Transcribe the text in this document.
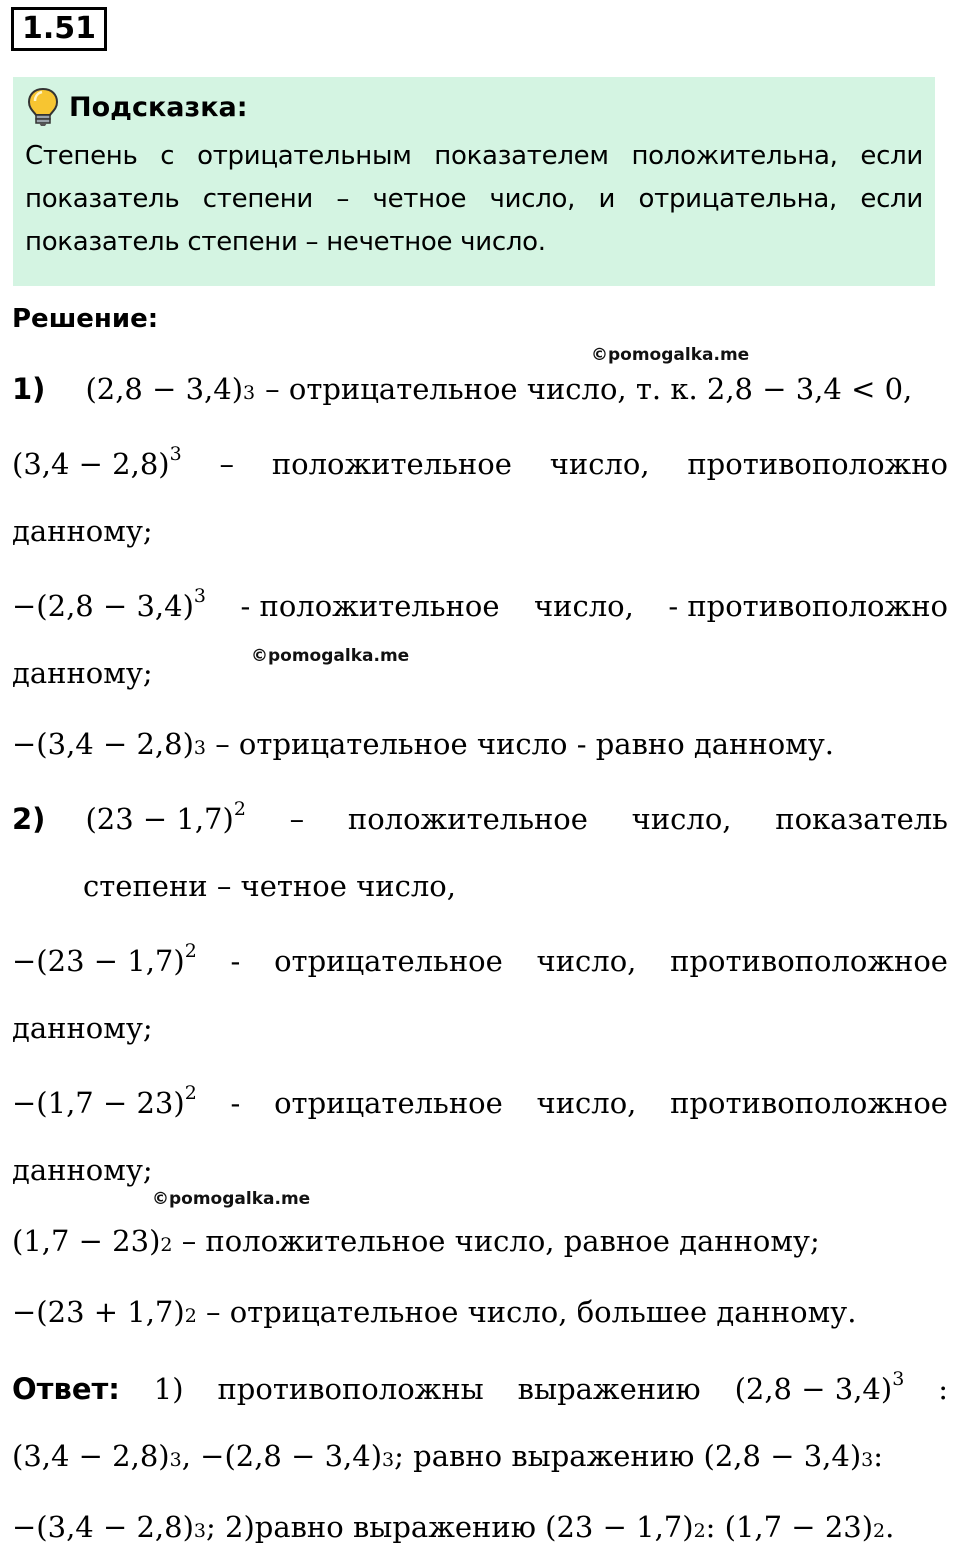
1.51
Подсказка:
Степень с отрицательным показателем положительна, если показатель степени – четное число, и отрицательна, если показатель степени – нечетное число.
Решение:
©pomogalka.me
©pomogalka.me
©pomogalka.me
1) (2,8 − 3,4) 3 – отрицательное число, т. к. 2,8 − 3,4 < 0,
$(3,4 - 2,8)^3$ – положительное число, противоположно
данному;
$-(2,8 - 3,4)^3$ - положительное число, - противоположно
данному;
−(3,4 − 2,8) 3 – отрицательное число - равно данному.
2) $(23 - 1,7)^2$ – положительное число, показатель
степени – четное число,
$-(23 - 1,7)^2$ - отрицательное число, противоположное
данному;
$-(1,7 - 23)^2$ - отрицательное число, противоположное
данному;
(1,7 − 23) 2 – положительное число, равное данному;
−(23 + 1,7) 2 – отрицательное число, большее данному.
Ответ: 1) противоположны выражению $(2,8 - 3,4)^3$ :
(3,4 − 2,8) 3 , −(2,8 − 3,4) 3 ; равно выражению (2,8 − 3,4) 3 :
−(3,4 − 2,8) 3 ; 2)равно выражению (23 − 1,7) 2 : (1,7 − 23) 2 .
